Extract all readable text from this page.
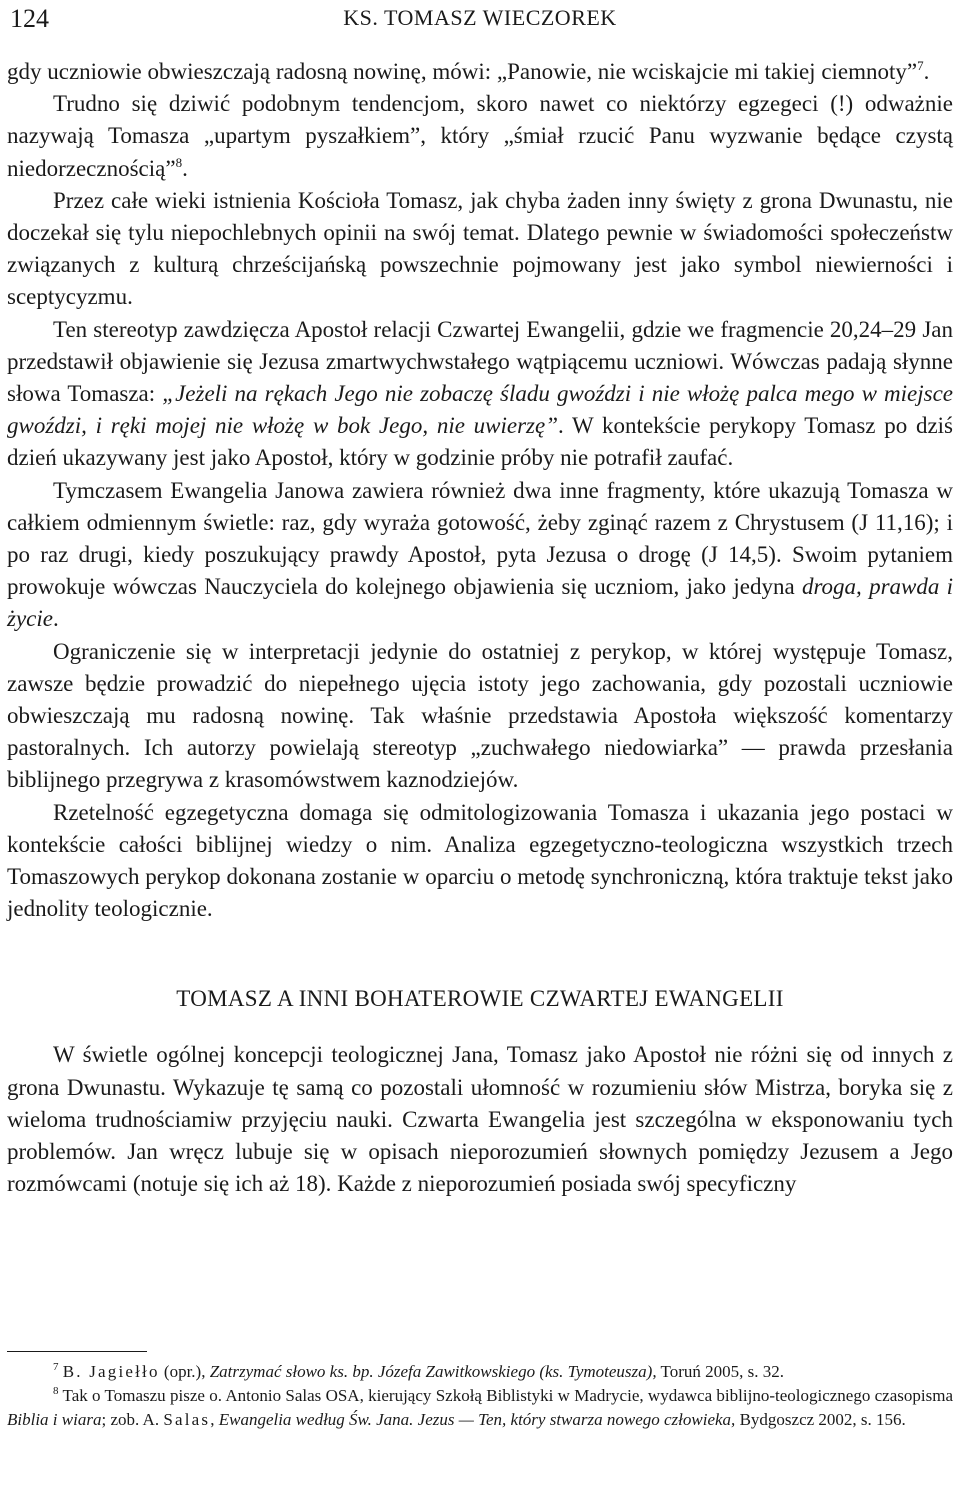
124	KS. TOMASZ WIECZOREK

gdy uczniowie obwieszczają radosną nowinę, mówi: „Panowie, nie wciskajcie mi takiej ciemnoty”$^7$.

Trudno się dziwić podobnym tendencjom, skoro nawet co niektórzy egzegeci (!) odważnie nazywają Tomasza „upartym pyszałkiem”, który „śmiał rzucić Panu wyzwanie będące czystą niedorzecznością”$^8$.

Przez całe wieki istnienia Kościoła Tomasz, jak chyba żaden inny święty z grona Dwunastu, nie doczekał się tylu niepochlebnych opinii na swój temat. Dlatego pewnie w świadomości społeczeństw związanych z kulturą chrześcijańską powszechnie pojmowany jest jako symbol niewierności i sceptycyzmu.

Ten stereotyp zawdzięcza Apostoł relacji Czwartej Ewangelii, gdzie we fragmencie 20,24–29 Jan przedstawił objawienie się Jezusa zmartwychwstałego wątpiącemu uczniowi. Wówczas padają słynne słowa Tomasza: „Jeżeli na rękach Jego nie zobaczę śladu gwoździ i nie włożę palca mego w miejsce gwoździ, i ręki mojej nie włożę w bok Jego, nie uwierzę”. W kontekście perykopy Tomasz po dziś dzień ukazywany jest jako Apostoł, który w godzinie próby nie potrafił zaufać.

Tymczasem Ewangelia Janowa zawiera również dwa inne fragmenty, które ukazują Tomasza w całkiem odmiennym świetle: raz, gdy wyraża gotowość, żeby zginąć razem z Chrystusem (J 11,16); i po raz drugi, kiedy poszukujący prawdy Apostoł, pyta Jezusa o drogę (J 14,5). Swoim pytaniem prowokuje wówczas Nauczyciela do kolejnego objawienia się uczniom, jako jedyna droga, prawda i życie.

Ograniczenie się w interpretacji jedynie do ostatniej z perykop, w której występuje Tomasz, zawsze będzie prowadzić do niepełnego ujęcia istoty jego zachowania, gdy pozostali uczniowie obwieszczają mu radosną nowinę. Tak właśnie przedstawia Apostoła większość komentarzy pastoralnych. Ich autorzy powielają stereotyp „zuchwałego niedowiarka” — prawda przesłania biblijnego przegrywa z krasomówstwem kaznodziejów.

Rzetelność egzegetyczna domaga się odmitologizowania Tomasza i ukazania jego postaci w kontekście całości biblijnej wiedzy o nim. Analiza egzegetyczno-teologiczna wszystkich trzech Tomaszowych perykop dokonana zostanie w oparciu o metodę synchroniczną, która traktuje tekst jako jednolity teologicznie.

TOMASZ A INNI BOHATEROWIE CZWARTEJ EWANGELII

W świetle ogólnej koncepcji teologicznej Jana, Tomasz jako Apostoł nie różni się od innych z grona Dwunastu. Wykazuje tę samą co pozostali ułomność w rozumieniu słów Mistrza, boryka się z wieloma trudnościamiw przyjęciu nauki. Czwarta Ewangelia jest szczególna w eksponowaniu tych problemów. Jan wręcz lubuje się w opisach nieporozumień słownych pomiędzy Jezusem a Jego rozmówcami (notuje się ich aż 18). Każde z nieporozumień posiada swój specyficzny

$^7$ B. Jagiełło (opr.), Zatrzymać słowo ks. bp. Józefa Zawitkowskiego (ks. Tymoteusza), Toruń 2005, s. 32.

$^8$ Tak o Tomaszu pisze o. Antonio Salas OSA, kierujący Szkołą Biblistyki w Madrycie, wydawca biblijno-teologicznego czasopisma Biblia i wiara; zob. A. Salas, Ewangelia według Św. Jana. Jezus — Ten, który stwarza nowego człowieka, Bydgoszcz 2002, s. 156.
